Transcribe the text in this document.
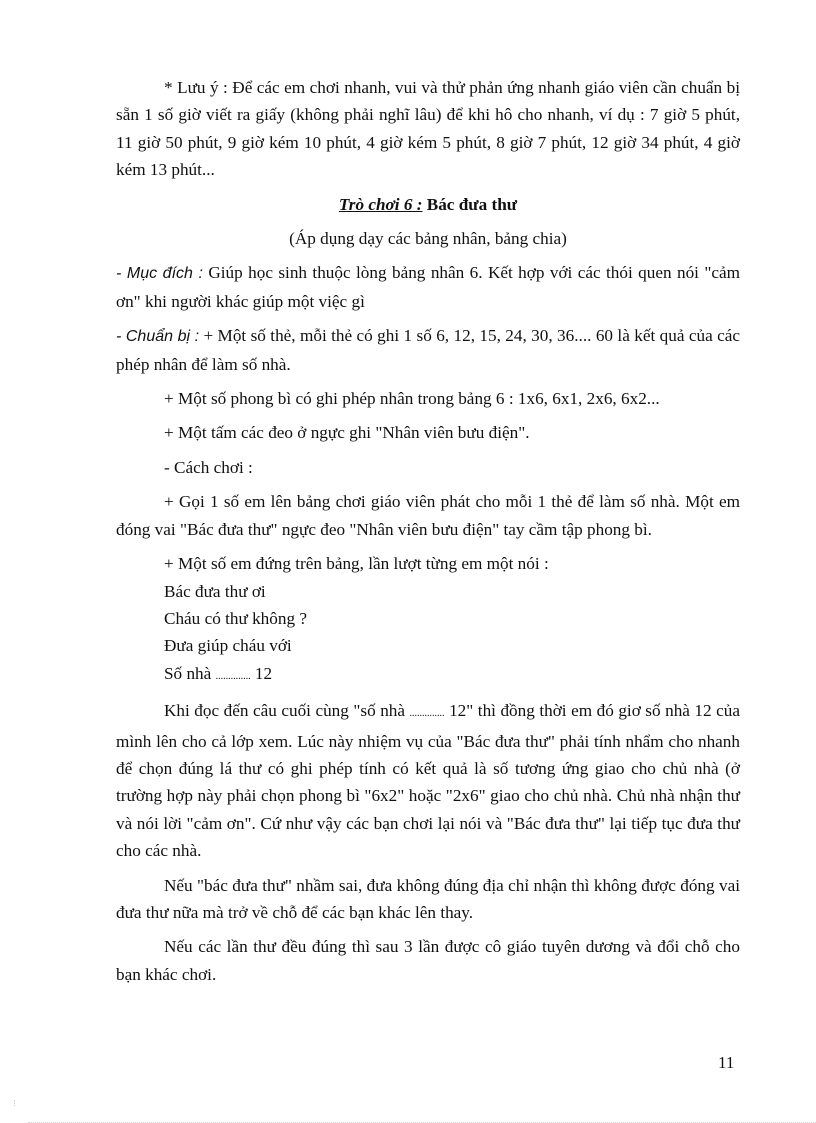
* Lưu ý : Để các em chơi nhanh, vui và thử phản ứng nhanh giáo viên cần chuẩn bị sẵn 1 số giờ viết ra giấy (không phải nghĩ lâu) để khi hô cho nhanh, ví dụ : 7 giờ 5 phút, 11 giờ 50 phút, 9 giờ kém 10 phút, 4 giờ kém 5 phút, 8 giờ 7 phút, 12 giờ 34 phút, 4 giờ kém 13 phút...

Trò chơi 6 : Bác đưa thư

(Áp dụng dạy các bảng nhân, bảng chia)

- Mục đích : Giúp học sinh thuộc lòng bảng nhân 6. Kết hợp với các thói quen nói "cảm ơn" khi người khác giúp một việc gì

- Chuẩn bị : + Một số thẻ, mỗi thẻ có ghi 1 số 6, 12, 15, 24, 30, 36.... 60 là kết quả của các phép nhân để làm số nhà.

+ Một số phong bì có ghi phép nhân trong bảng 6 : 1x6, 6x1, 2x6, 6x2...

+ Một tấm các đeo ở ngực ghi "Nhân viên bưu điện".

- Cách chơi :

+ Gọi 1 số em lên bảng chơi giáo viên phát cho mỗi 1 thẻ để làm số nhà. Một em đóng vai "Bác đưa thư" ngực đeo "Nhân viên bưu điện" tay cầm tập phong bì.

+ Một số em đứng trên bảng, lần lượt từng em một nói :

Bác đưa thư ơi

Cháu có thư không ?

Đưa giúp cháu với

Số nhà .............. 12

Khi đọc đến câu cuối cùng "số nhà .............. 12" thì đồng thời em đó giơ số nhà 12 của mình lên cho cả lớp xem. Lúc này nhiệm vụ của "Bác đưa thư" phải tính nhẩm cho nhanh để chọn đúng lá thư có ghi phép tính có kết quả là số tương ứng giao cho chủ nhà (ở trường hợp này phải chọn phong bì "6x2" hoặc "2x6" giao cho chủ nhà. Chủ nhà nhận thư và nói lời "cảm ơn". Cứ như vậy các bạn chơi lại nói và "Bác đưa thư" lại tiếp tục đưa thư cho các nhà.

Nếu "bác đưa thư" nhầm sai, đưa không đúng địa chỉ nhận thì không được đóng vai đưa thư nữa mà trở về chỗ để các bạn khác lên thay.

Nếu các lần thư đều đúng thì sau 3 lần được cô giáo tuyên dương và đổi chỗ cho bạn khác chơi.

11
